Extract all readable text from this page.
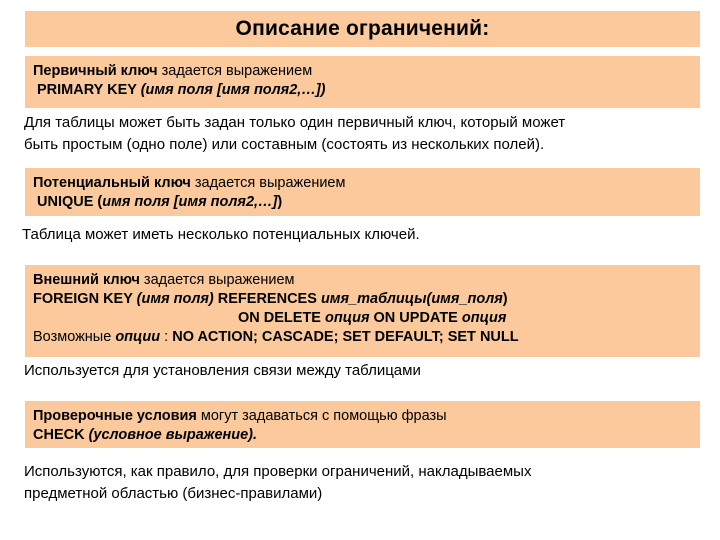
Описание ограничений:
Первичный ключ задается выражением
PRIMARY KEY (имя поля [имя поля2,…])
Для таблицы может быть задан только один первичный ключ, который может
быть простым (одно поле) или составным (состоять из нескольких полей).
Потенциальный ключ задается выражением
UNIQUE (имя поля [имя поля2,…])
Таблица может иметь несколько потенциальных ключей.
Внешний ключ задается выражением
FOREIGN KEY (имя поля) REFERENCES имя_таблицы(имя_поля)
ON DELETE опция ON UPDATE опция
Возможные опции : NO ACTION; CASCADE; SET DEFAULT; SET NULL
Используется для установления связи между таблицами
Проверочные условия могут задаваться с помощью фразы
CHECK (условное выражение).
Используются, как правило, для проверки ограничений, накладываемых
предметной областью (бизнес-правилами)
